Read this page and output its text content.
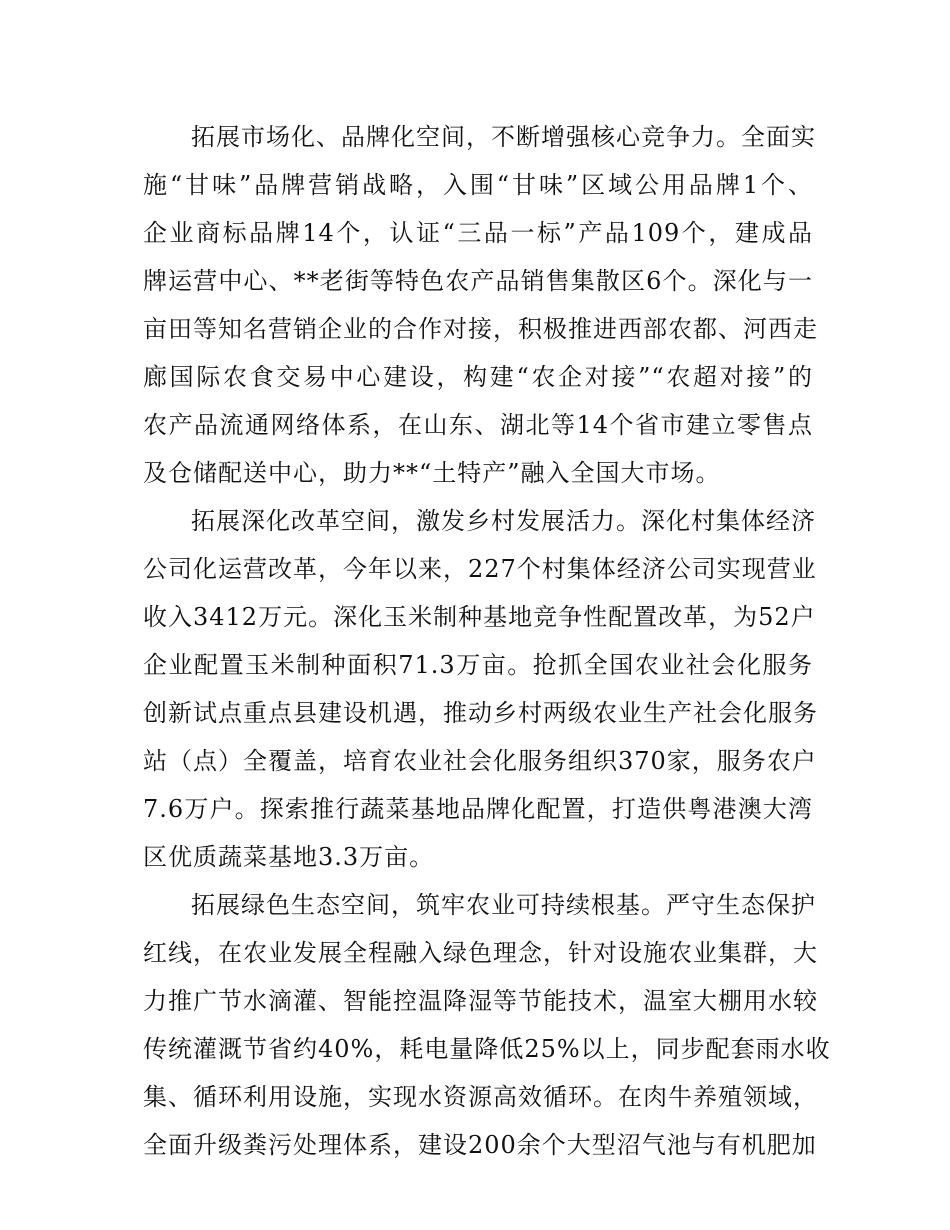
拓展市场化、品牌化空间，不断增强核心竞争力。全面实
施“甘味”品牌营销战略，入围“甘味”区域公用品牌1个、
企业商标品牌14个，认证“三品一标”产品109个，建成品
牌运营中心、**老街等特色农产品销售集散区6个。深化与一
亩田等知名营销企业的合作对接，积极推进西部农都、河西走
廊国际农食交易中心建设，构建“农企对接”“农超对接”的
农产品流通网络体系，在山东、湖北等14个省市建立零售点
及仓储配送中心，助力**“土特产”融入全国大市场。

拓展深化改革空间，激发乡村发展活力。深化村集体经济
公司化运营改革，今年以来，227个村集体经济公司实现营业
收入3412万元。深化玉米制种基地竞争性配置改革，为52户
企业配置玉米制种面积71.3万亩。抢抓全国农业社会化服务
创新试点重点县建设机遇，推动乡村两级农业生产社会化服务
站（点）全覆盖，培育农业社会化服务组织370家，服务农户
7.6万户。探索推行蔬菜基地品牌化配置，打造供粤港澳大湾
区优质蔬菜基地3.3万亩。

拓展绿色生态空间，筑牢农业可持续根基。严守生态保护
红线，在农业发展全程融入绿色理念，针对设施农业集群，大
力推广节水滴灌、智能控温降湿等节能技术，温室大棚用水较
传统灌溉节省约40%，耗电量降低25%以上，同步配套雨水收
集、循环利用设施，实现水资源高效循环。在肉牛养殖领域，
全面升级粪污处理体系，建设200余个大型沼气池与有机肥加
